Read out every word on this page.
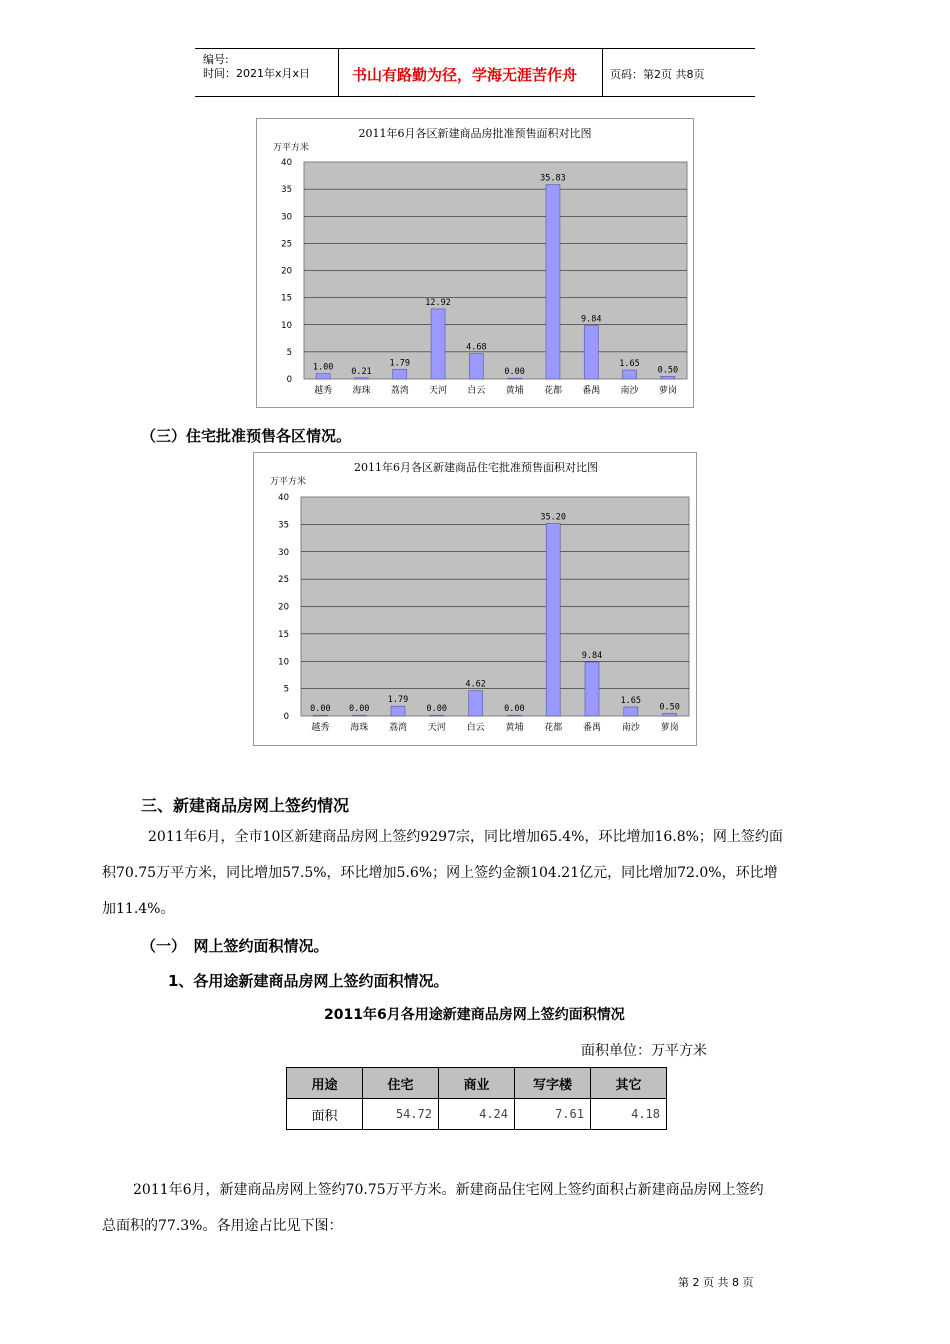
编号:
时间：2021年x月x日	书山有路勤为径，学海无涯苦作舟	页码：第2页 共8页
2011年6月各区新建商品房批准预售面积对比图
万平方米
0
5
10
15
20
25
30
35
40
1.00
越秀
0.21
海珠
1.79
荔湾
12.92
天河
4.68
白云
0.00
黄埔
35.83
花都
9.84
番禺
1.65
南沙
0.50
萝岗
（三）住宅批准预售各区情况。
2011年6月各区新建商品住宅批准预售面积对比图
万平方米
0
5
10
15
20
25
30
35
40
0.00
越秀
0.00
海珠
1.79
荔湾
0.00
天河
4.62
白云
0.00
黄埔
35.20
花都
9.84
番禺
1.65
南沙
0.50
萝岗
三、新建商品房网上签约情况
2011年6月，全市10区新建商品房网上签约9297宗，同比增加65.4%，环比增加16.8%；网上签约面
积70.75万平方米，同比增加57.5%，环比增加5.6%；网上签约金额104.21亿元，同比增加72.0%，环比增
加11.4%。
（一）　网上签约面积情况。
1、各用途新建商品房网上签约面积情况。
2011年6月各用途新建商品房网上签约面积情况
面积单位：万平方米
用途	住宅	商业	写字楼	其它
面积	54.72	4.24	7.61	4.18
2011年6月，新建商品房网上签约70.75万平方米。新建商品住宅网上签约面积占新建商品房网上签约
总面积的77.3%。各用途占比见下图：
第 2 页 共 8 页
